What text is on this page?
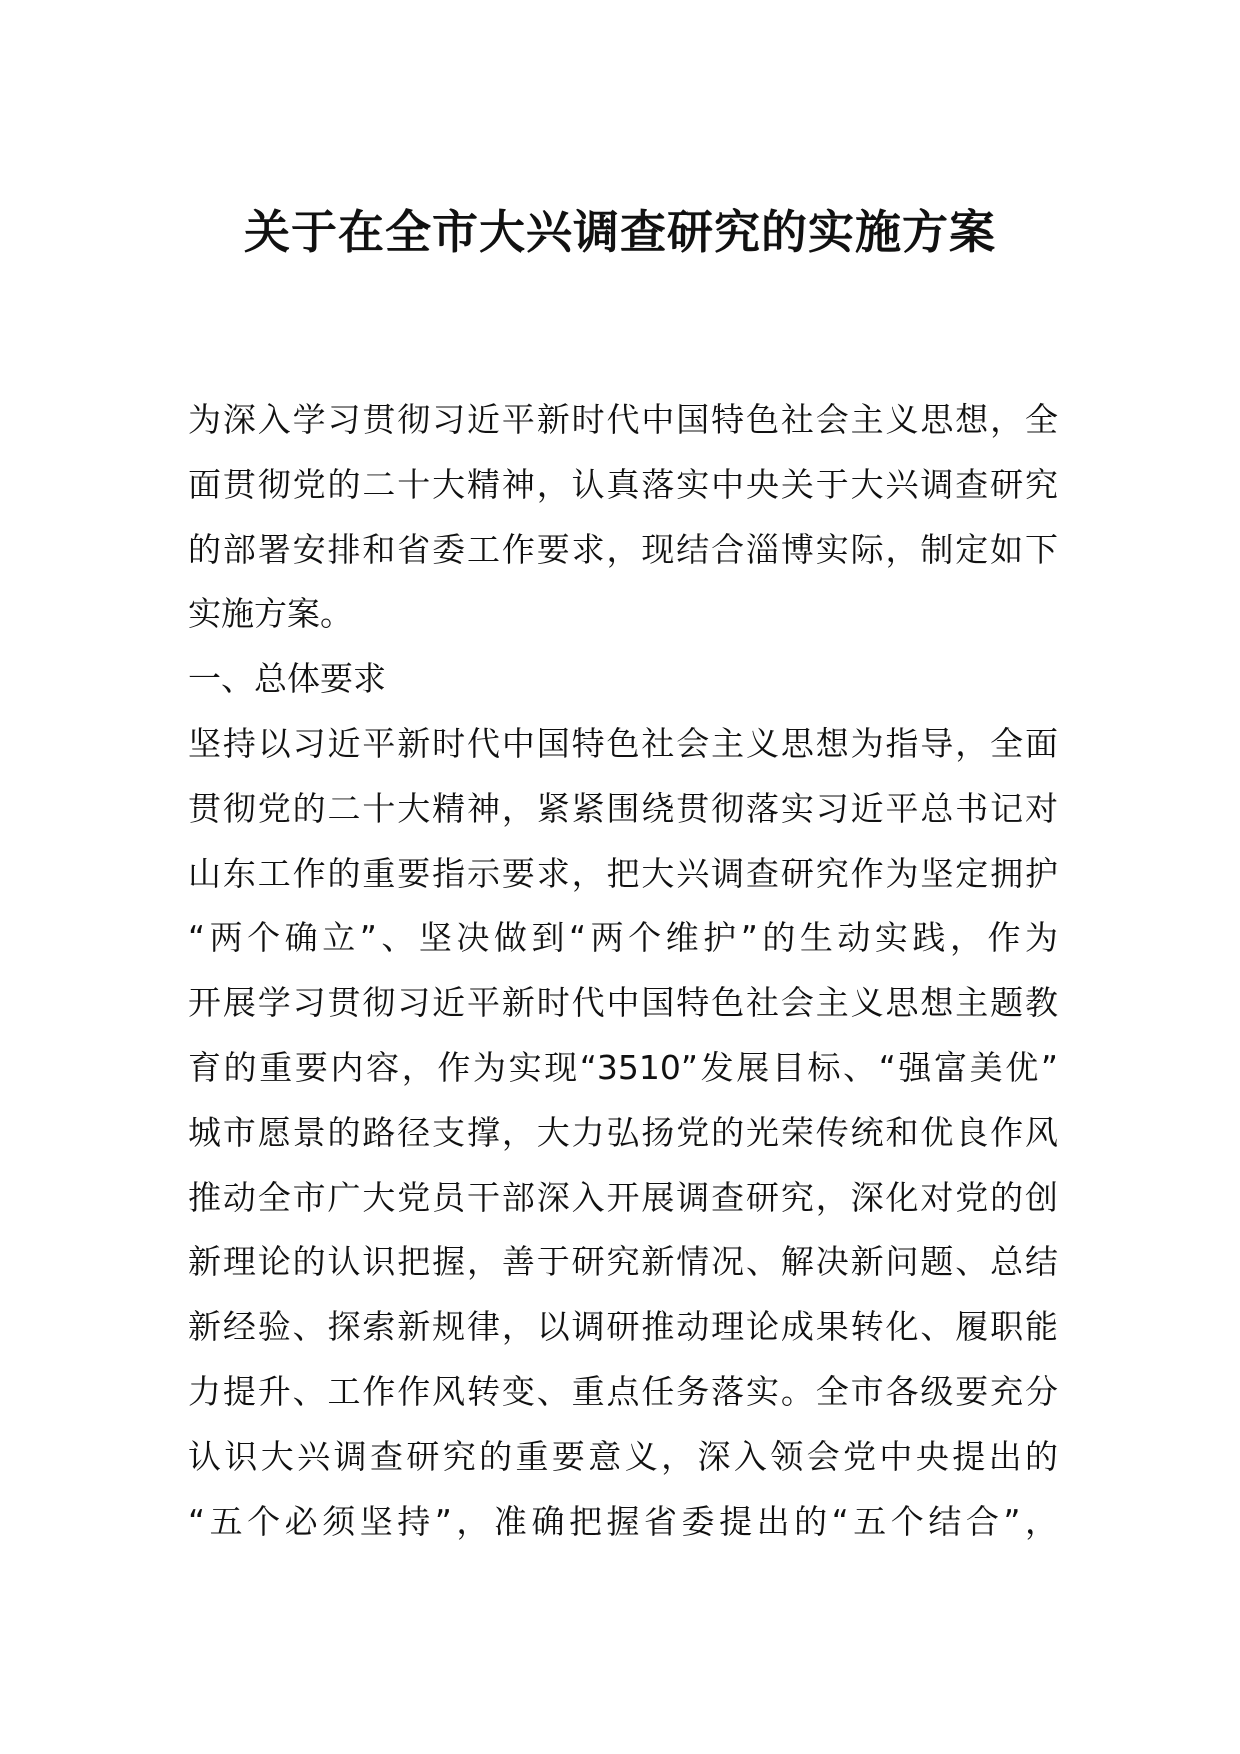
关于在全市大兴调查研究的实施方案
为深入学习贯彻习近平新时代中国特色社会主义思想，全
面贯彻党的二十大精神，认真落实中央关于大兴调查研究
的部署安排和省委工作要求，现结合淄博实际，制定如下
实施方案。
一、总体要求
坚持以习近平新时代中国特色社会主义思想为指导，全面
贯彻党的二十大精神，紧紧围绕贯彻落实习近平总书记对
山东工作的重要指示要求，把大兴调查研究作为坚定拥护
“两个确立”、坚决做到“两个维护”的生动实践，作为
开展学习贯彻习近平新时代中国特色社会主义思想主题教
育的重要内容，作为实现“3510”发展目标、“强富美优”
城市愿景的路径支撑，大力弘扬党的光荣传统和优良作风
推动全市广大党员干部深入开展调查研究，深化对党的创
新理论的认识把握，善于研究新情况、解决新问题、总结
新经验、探索新规律，以调研推动理论成果转化、履职能
力提升、工作作风转变、重点任务落实。全市各级要充分
认识大兴调查研究的重要意义，深入领会党中央提出的
“五个必须坚持”，准确把握省委提出的“五个结合”，
